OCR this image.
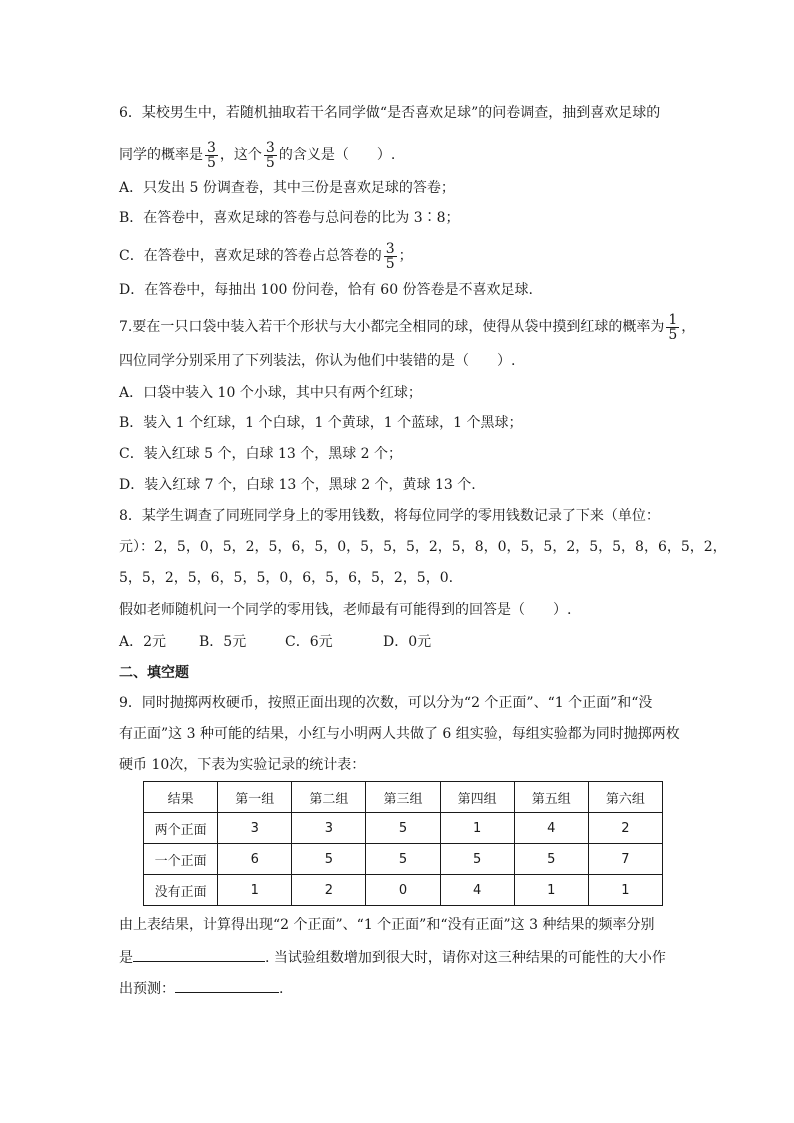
6．某校男生中，若随机抽取若干名同学做“是否喜欢足球”的问卷调查，抽到喜欢足球的
同学的概率是 $\frac{3}{5}$ ，这个 $\frac{3}{5}$ 的含义是（　　）.
A．只发出 5 份调查卷，其中三份是喜欢足球的答卷；
B．在答卷中，喜欢足球的答卷与总问卷的比为 3∶8；
C．在答卷中，喜欢足球的答卷占总答卷的 $\frac{3}{5}$ ；
D．在答卷中，每抽出 100 份问卷，恰有 60 份答卷是不喜欢足球.
7.要在一只口袋中装入若干个形状与大小都完全相同的球，使得从袋中摸到红球的概率为 $\frac{1}{5}$ ，
四位同学分别采用了下列装法，你认为他们中装错的是（　　）.
A．口袋中装入 10 个小球，其中只有两个红球；
B．装入 1 个红球，1 个白球，1 个黄球，1 个蓝球，1 个黑球；
C．装入红球 5 个，白球 13 个，黑球 2 个；
D．装入红球 7 个，白球 13 个，黑球 2 个，黄球 13 个.
8．某学生调查了同班同学身上的零用钱数，将每位同学的零用钱数记录了下来（单位：
元）：2，5，0，5，2，5，6，5，0，5，5，5，2，5，8，0，5，5，2，5，5，8，6，5，2，
5，5，2，5，6，5，5，0，6，5，6，5，2，5，0.
假如老师随机问一个同学的零用钱，老师最有可能得到的回答是（　　）.
A．2元 B．5元	C．6元	D．0元
二、填空题
9．同时抛掷两枚硬币，按照正面出现的次数，可以分为“2 个正面”、“1 个正面”和“没
有正面”这 3 种可能的结果，小红与小明两人共做了 6 组实验，每组实验都为同时抛掷两枚
硬币 10次，下表为实验记录的统计表：
结果	第一组	第二组	第三组	第四组	第五组	第六组
两个正面	3	3	5	1	4	2
一个正面	6	5	5	5	5	7
没有正面	1	2	0	4	1	1
由上表结果，计算得出现“2 个正面”、“1 个正面”和“没有正面”这 3 种结果的频率分别
是	. 当试验组数增加到很大时，请你对这三种结果的可能性的大小作
出预测：	.
